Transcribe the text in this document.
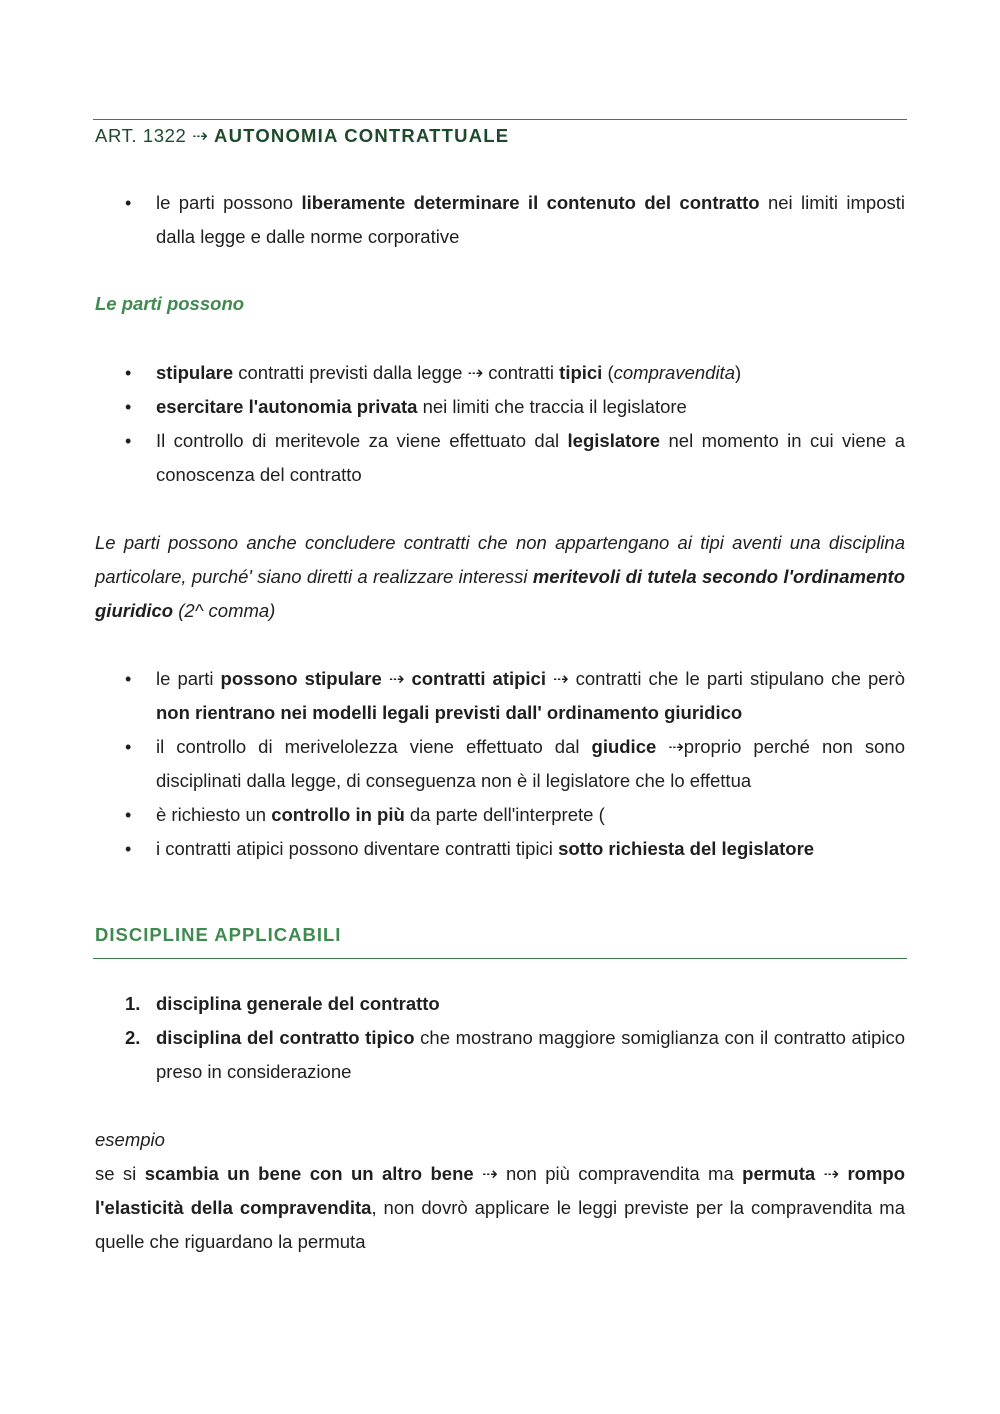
ART. 1322 ⇢ AUTONOMIA CONTRATTUALE
• le parti possono liberamente determinare il contenuto del contratto nei limiti imposti dalla legge e dalle norme corporative
Le parti possono
• stipulare contratti previsti dalla legge ⇢ contratti tipici (compravendita)
• esercitare l'autonomia privata nei limiti che traccia il legislatore
• Il controllo di meritevole za viene effettuato dal legislatore nel momento in cui viene a conoscenza del contratto
Le parti possono anche concludere contratti che non appartengano ai tipi aventi una disciplina particolare, purché' siano diretti a realizzare interessi meritevoli di tutela secondo l'ordinamento giuridico (2^ comma)
• le parti possono stipulare ⇢ contratti atipici ⇢ contratti che le parti stipulano che però non rientrano nei modelli legali previsti dall' ordinamento giuridico
• il controllo di merivelolezza viene effettuato dal giudice ⇢proprio perché non sono disciplinati dalla legge, di conseguenza non è il legislatore che lo effettua
• è richiesto un controllo in più da parte dell'interprete (
• i contratti atipici possono diventare contratti tipici sotto richiesta del legislatore
DISCIPLINE APPLICABILI
1. disciplina generale del contratto
2. disciplina del contratto tipico che mostrano maggiore somiglianza con il contratto atipico preso in considerazione
esempio
se si scambia un bene con un altro bene ⇢ non più compravendita ma permuta ⇢ rompo l'elasticità della compravendita, non dovrò applicare le leggi previste per la compravendita ma quelle che riguardano la permuta
